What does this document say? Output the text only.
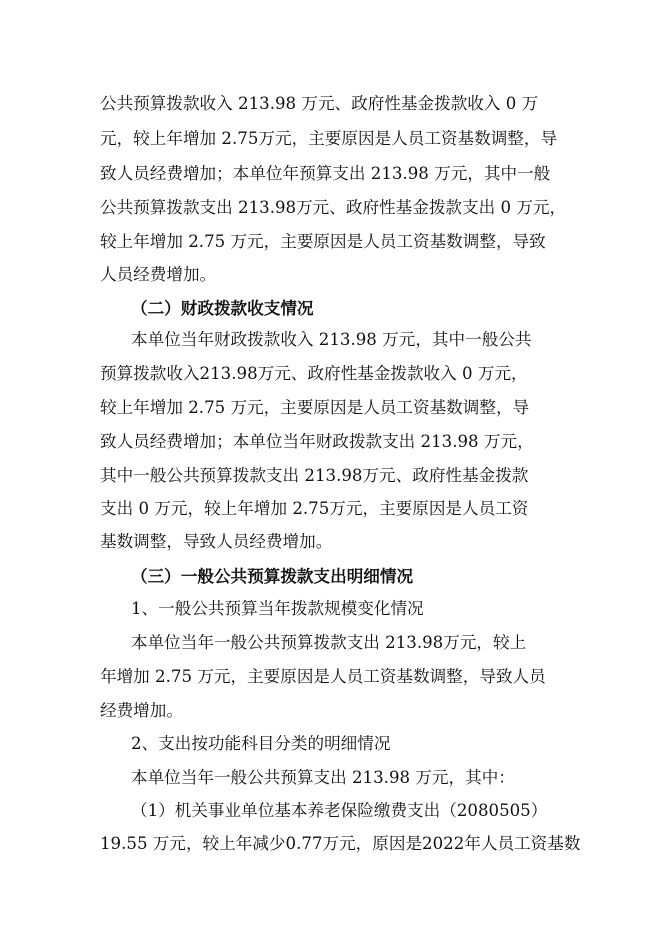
公共预算拨款收入 213.98 万元、政府性基金拨款收入 0 万
元，较上年增加 2.75万元，主要原因是人员工资基数调整，导
致人员经费增加；本单位年预算支出 213.98 万元，其中一般
公共预算拨款支出 213.98万元、政府性基金拨款支出 0 万元，
较上年增加 2.75 万元，主要原因是人员工资基数调整，导致
人员经费增加。
（二）财政拨款收支情况
本单位当年财政拨款收入 213.98 万元，其中一般公共
预算拨款收入213.98万元、政府性基金拨款收入 0 万元，
较上年增加 2.75 万元，主要原因是人员工资基数调整，导
致人员经费增加；本单位当年财政拨款支出 213.98 万元，
其中一般公共预算拨款支出 213.98万元、政府性基金拨款
支出 0 万元，较上年增加 2.75万元，主要原因是人员工资
基数调整，导致人员经费增加。
（三）一般公共预算拨款支出明细情况
1、一般公共预算当年拨款规模变化情况
本单位当年一般公共预算拨款支出 213.98万元，较上
年增加 2.75 万元，主要原因是人员工资基数调整，导致人员
经费增加。
2、支出按功能科目分类的明细情况
本单位当年一般公共预算支出 213.98 万元，其中：
（1）机关事业单位基本养老保险缴费支出（2080505）
19.55 万元，较上年减少0.77万元，原因是2022年人员工资基数
